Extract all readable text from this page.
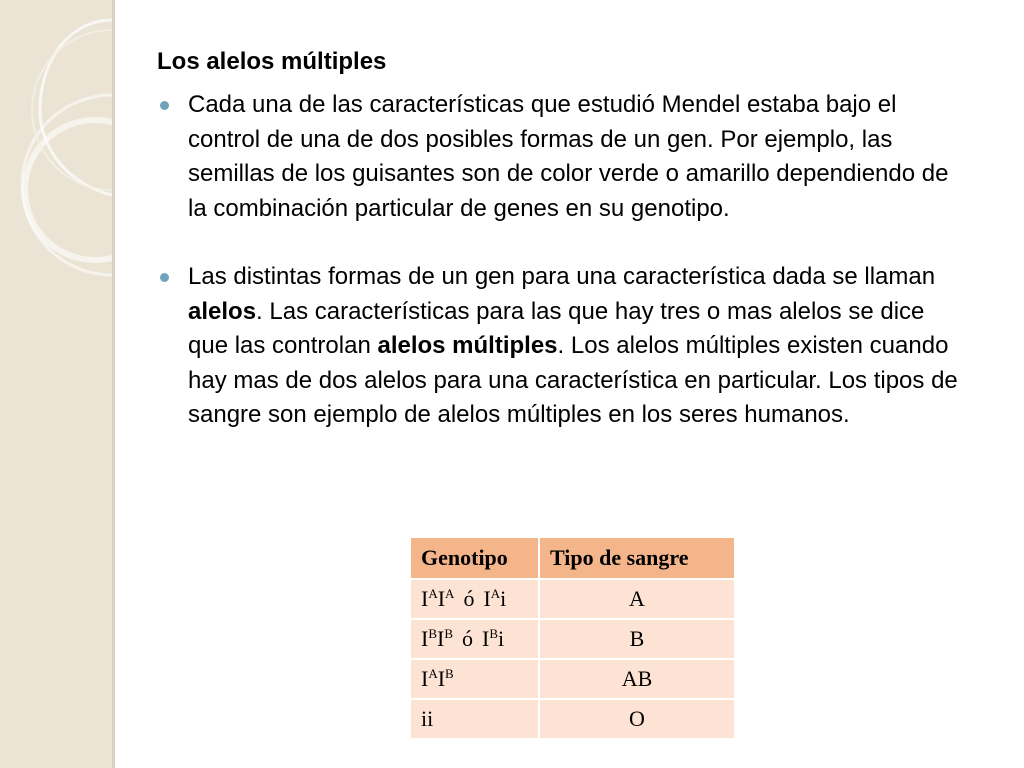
Los alelos múltiples
Cada una de las características que estudió Mendel estaba bajo el control de una de dos posibles formas de un gen. Por ejemplo, las semillas de los guisantes son de color verde o amarillo dependiendo de la combinación particular de genes en su genotipo.
Las distintas formas de un gen para una característica dada se llaman alelos. Las características para las que hay tres o mas alelos se dice que las controlan alelos múltiples. Los alelos múltiples existen cuando hay mas de dos alelos para una característica en particular. Los tipos de sangre son ejemplo de alelos múltiples en los seres humanos.
Genotipo	Tipo de sangre
$I^AI^A$ ó $I^Ai$	A
$I^BI^B$ ó $I^Bi$	B
$I^AI^B$	AB
ii	O
